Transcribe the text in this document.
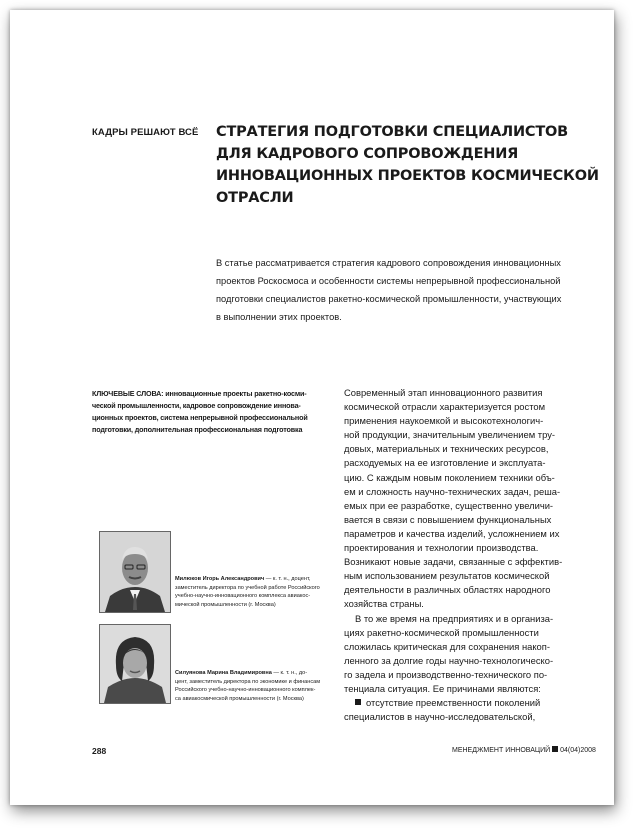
КАДРЫ РЕШАЮТ ВСЁ СТРАТЕГИЯ ПОДГОТОВКИ СПЕЦИАЛИСТОВ
ДЛЯ КАДРОВОГО СОПРОВОЖДЕНИЯ
ИННОВАЦИОННЫХ ПРОЕКТОВ КОСМИЧЕСКОЙ
ОТРАСЛИ
В статье рассматривается стратегия кадрового сопровождения инновационных
проектов Роскосмоса и особенности системы непрерывной профессиональной
подготовки специалистов ракетно-космической промышленности, участвующих
в выполнении этих проектов.
КЛЮЧЕВЫЕ СЛОВА: инновационные проекты ракетно-косми-
ческой промышленности, кадровое сопровождение иннова-
ционных проектов, система непрерывной профессиональной
подготовки, дополнительная профессиональная подготовка
Современный этап инновационного развития
космической отрасли характеризуется ростом
применения наукоемкой и высокотехнологич-
ной продукции, значительным увеличением тру-
довых, материальных и технических ресурсов,
расходуемых на ее изготовление и эксплуата-
цию. С каждым новым поколением техники объ-
ем и сложность научно-технических задач, реша-
емых при ее разработке, существенно увеличи-
вается в связи с повышением функциональных
параметров и качества изделий, усложнением их
проектирования и технологии производства.
Возникают новые задачи, связанные с эффектив-
ным использованием результатов космической
деятельности в различных областях народного
хозяйства страны.
В то же время на предприятиях и в организа-
циях ракетно-космической промышленности
сложилась критическая для сохранения накоп-
ленного за долгие годы научно-технологическо-
го задела и производственно-технического по-
тенциала ситуация. Ее причинами являются:
отсутствие преемственности поколений
специалистов в научно-исследовательской,
Милюков Игорь Александрович — к. т. н., доцент,
заместитель директора по учебной работе Российского
учебно-научно-инновационного комплекса авиакос-
мической промышленности (г. Москва)
Силуянова Марина Владимировна — к. т. н., до-
цент, заместитель директора по экономике и финансам
Российского учебно-научно-инновационного комплек-
са авиакосмической промышленности (г. Москва)
288	МЕНЕДЖМЕНТ ИННОВАЦИЙ 04(04)2008
